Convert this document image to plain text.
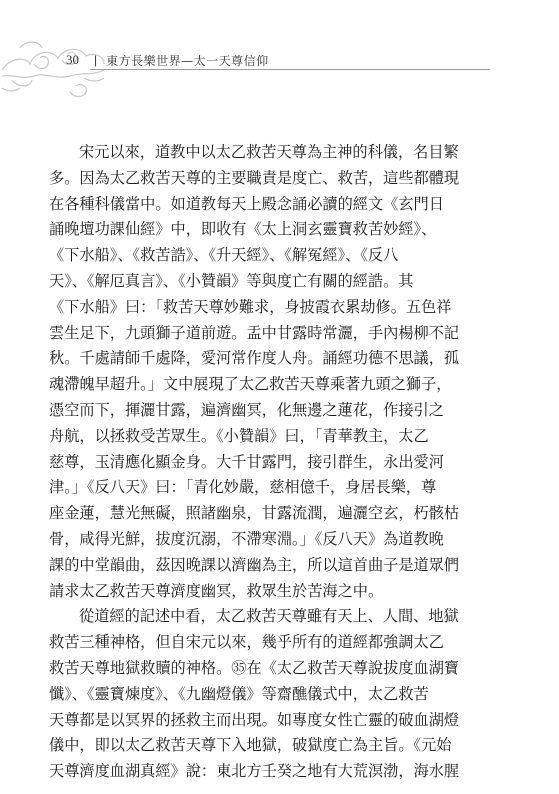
30	| 東方長樂世界—太一天尊信仰
宋元以來，道教中以太乙救苦天尊為主神的科儀，名目繁
多。因為太乙救苦天尊的主要職責是度亡、救苦，這些都體現
在各種科儀當中。如道教每天上殿念誦必讀的經文《玄門日
誦晚壇功課仙經》中，即收有《太上洞玄靈寶救苦妙經》、
《下水船》、《救苦誥》、《升天經》、《解冤經》、《反八
天》、《解厄真言》、《小贊韻》等與度亡有關的經誥。其
《下水船》曰：「救苦天尊妙難求，身披霞衣累劫修。五色祥
雲生足下，九頭獅子道前遊。盂中甘露時常灑，手內楊柳不記
秋。千處請師千處降，愛河常作度人舟。誦經功德不思議，孤
魂滯魄早超升。」文中展現了太乙救苦天尊乘著九頭之獅子，
憑空而下，揮灑甘露，遍濟幽冥，化無邊之蓮花，作接引之
舟航，以拯救受苦眾生。《小贊韻》曰，「青華教主，太乙
慈尊，玉清應化顯金身。大千甘露門，接引群生，永出愛河
津。」《反八天》曰：「青化妙嚴，慈相億千，身居長樂，尊
座金蓮，慧光無礙，照諸幽泉，甘露流潤，遍灑空玄，朽骸枯
骨，咸得光鮮，拔度沉溺，不滯寒淵。」《反八天》為道教晚
課的中堂韻曲，茲因晚課以濟幽為主，所以這首曲子是道眾們
請求太乙救苦天尊濟度幽冥，救眾生於苦海之中。
從道經的記述中看，太乙救苦天尊雖有天上、人間、地獄
救苦三種神格，但自宋元以來，幾乎所有的道經都強調太乙
救苦天尊地獄救贖的神格。㉟在《太乙救苦天尊說拔度血湖寶
懺》、《靈寶煉度》、《九幽燈儀》等齋醮儀式中，太乙救苦
天尊都是以冥界的拯救主而出現。如專度女性亡靈的破血湖燈
儀中，即以太乙救苦天尊下入地獄，破獄度亡為主旨。《元始
天尊濟度血湖真經》說：東北方壬癸之地有大荒溟渤，海水腥
